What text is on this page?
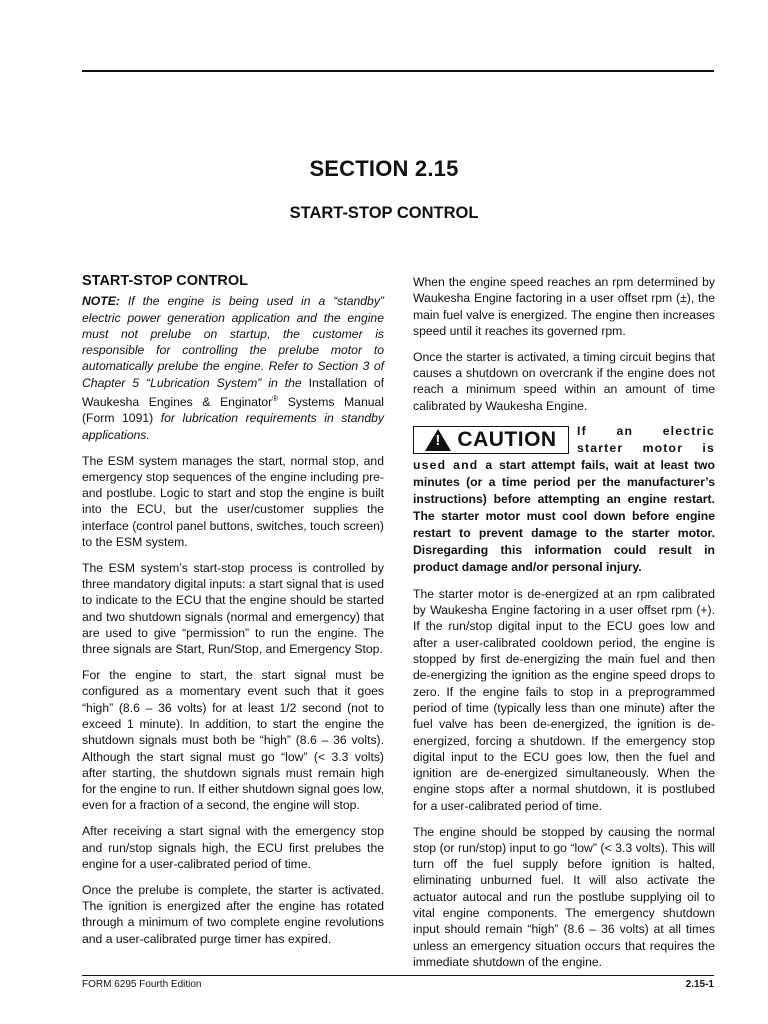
SECTION 2.15
START-STOP CONTROL
START-STOP CONTROL

NOTE: If the engine is being used in a “standby” electric power generation application and the engine must not prelube on startup, the customer is responsible for controlling the prelube motor to automatically prelube the engine. Refer to Section 3 of Chapter 5 “Lubrication System” in the Installation of Waukesha Engines & Enginator® Systems Manual (Form 1091) for lubrication requirements in standby applications.

The ESM system manages the start, normal stop, and emergency stop sequences of the engine including pre- and postlube. Logic to start and stop the engine is built into the ECU, but the user/customer supplies the interface (control panel buttons, switches, touch screen) to the ESM system.

The ESM system’s start-stop process is controlled by three mandatory digital inputs: a start signal that is used to indicate to the ECU that the engine should be started and two shutdown signals (normal and emergency) that are used to give “permission” to run the engine. The three signals are Start, Run/Stop, and Emergency Stop.

For the engine to start, the start signal must be configured as a momentary event such that it goes “high” (8.6 – 36 volts) for at least 1/2 second (not to exceed 1 minute). In addition, to start the engine the shutdown signals must both be “high” (8.6 – 36 volts). Although the start signal must go “low” (< 3.3 volts) after starting, the shutdown signals must remain high for the engine to run. If either shutdown signal goes low, even for a fraction of a second, the engine will stop.

After receiving a start signal with the emergency stop and run/stop signals high, the ECU first prelubes the engine for a user-calibrated period of time.

Once the prelube is complete, the starter is activated. The ignition is energized after the engine has rotated through a minimum of two complete engine revolutions and a user-calibrated purge timer has expired.

When the engine speed reaches an rpm determined by Waukesha Engine factoring in a user offset rpm (±), the main fuel valve is energized. The engine then increases speed until it reaches its governed rpm.

Once the starter is activated, a timing circuit begins that causes a shutdown on overcrank if the engine does not reach a minimum speed within an amount of time calibrated by Waukesha Engine.

! CAUTION	If an electric starter motor is used and a start attempt fails, wait at least two minutes (or a time period per the manufacturer’s instructions) before attempting an engine restart. The starter motor must cool down before engine restart to prevent damage to the starter motor. Disregarding this information could result in product damage and/or personal injury.

The starter motor is de-energized at an rpm calibrated by Waukesha Engine factoring in a user offset rpm (+). If the run/stop digital input to the ECU goes low and after a user-calibrated cooldown period, the engine is stopped by first de-energizing the main fuel and then de-energizing the ignition as the engine speed drops to zero. If the engine fails to stop in a preprogrammed period of time (typically less than one minute) after the fuel valve has been de-energized, the ignition is de-energized, forcing a shutdown. If the emergency stop digital input to the ECU goes low, then the fuel and ignition are de-energized simultaneously. When the engine stops after a normal shutdown, it is postlubed for a user-calibrated period of time.

The engine should be stopped by causing the normal stop (or run/stop) input to go “low” (< 3.3 volts). This will turn off the fuel supply before ignition is halted, eliminating unburned fuel. It will also activate the actuator autocal and run the postlube supplying oil to vital engine components. The emergency shutdown input should remain “high” (8.6 – 36 volts) at all times unless an emergency situation occurs that requires the immediate shutdown of the engine.

FORM 6295 Fourth Edition	2.15-1
